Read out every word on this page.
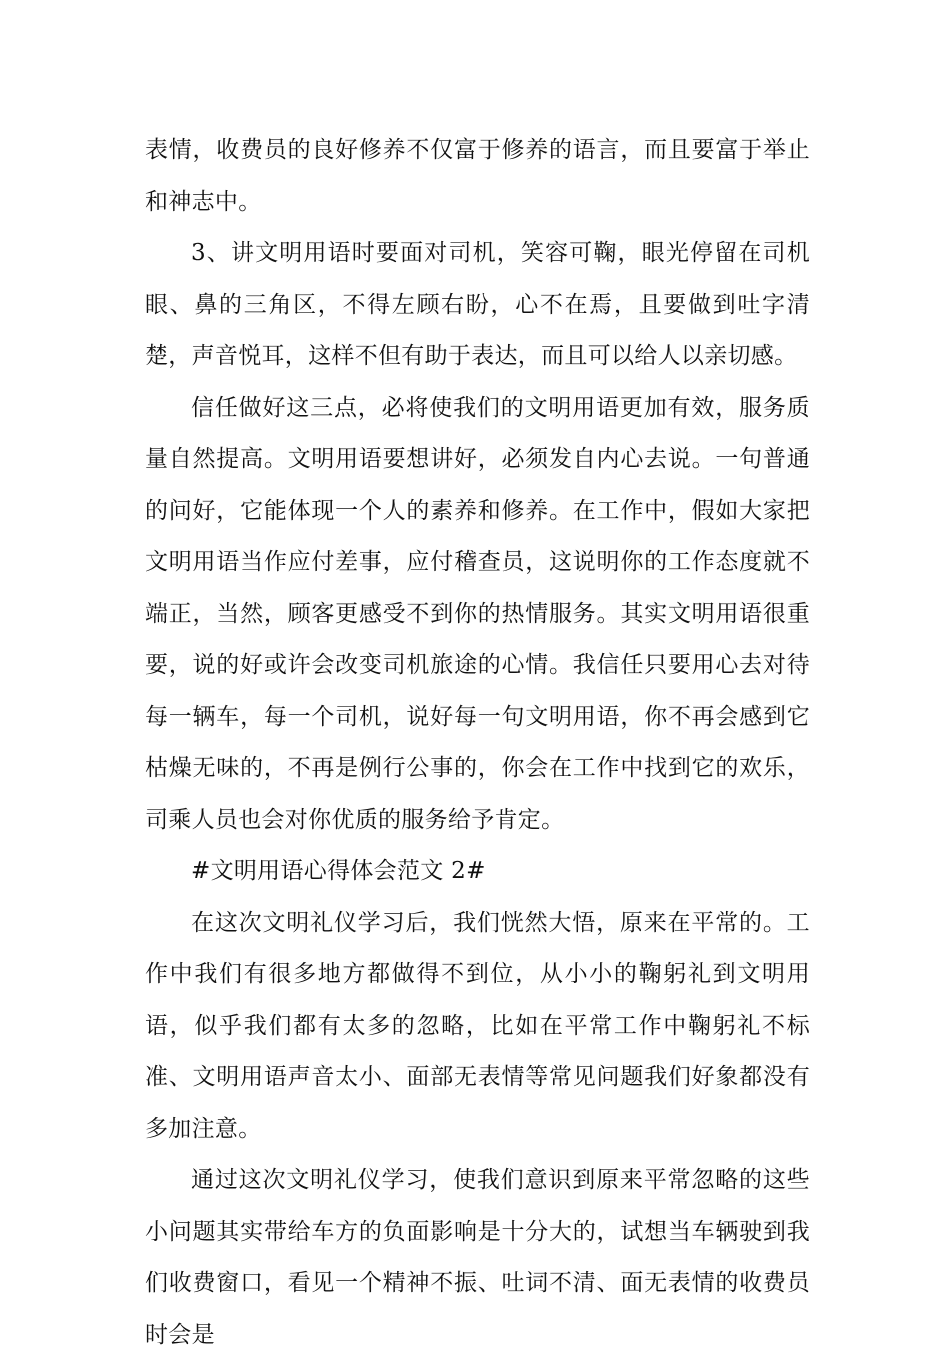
表情，收费员的良好修养不仅富于修养的语言，而且要富于举止和神志中。

3、讲文明用语时要面对司机，笑容可鞠，眼光停留在司机眼、鼻的三角区，不得左顾右盼，心不在焉，且要做到吐字清楚，声音悦耳，这样不但有助于表达，而且可以给人以亲切感。

信任做好这三点，必将使我们的文明用语更加有效，服务质量自然提高。文明用语要想讲好，必须发自内心去说。一句普通的问好，它能体现一个人的素养和修养。在工作中，假如大家把文明用语当作应付差事，应付稽查员，这说明你的工作态度就不端正，当然，顾客更感受不到你的热情服务。其实文明用语很重要，说的好或许会改变司机旅途的心情。我信任只要用心去对待每一辆车，每一个司机，说好每一句文明用语，你不再会感到它枯燥无味的，不再是例行公事的，你会在工作中找到它的欢乐，司乘人员也会对你优质的服务给予肯定。

#文明用语心得体会范文 2#

在这次文明礼仪学习后，我们恍然大悟，原来在平常的。工作中我们有很多地方都做得不到位，从小小的鞠躬礼到文明用语，似乎我们都有太多的忽略，比如在平常工作中鞠躬礼不标准、文明用语声音太小、面部无表情等常见问题我们好象都没有多加注意。

通过这次文明礼仪学习，使我们意识到原来平常忽略的这些小问题其实带给车方的负面影响是十分大的，试想当车辆驶到我们收费窗口，看见一个精神不振、吐词不清、面无表情的收费员时会是
